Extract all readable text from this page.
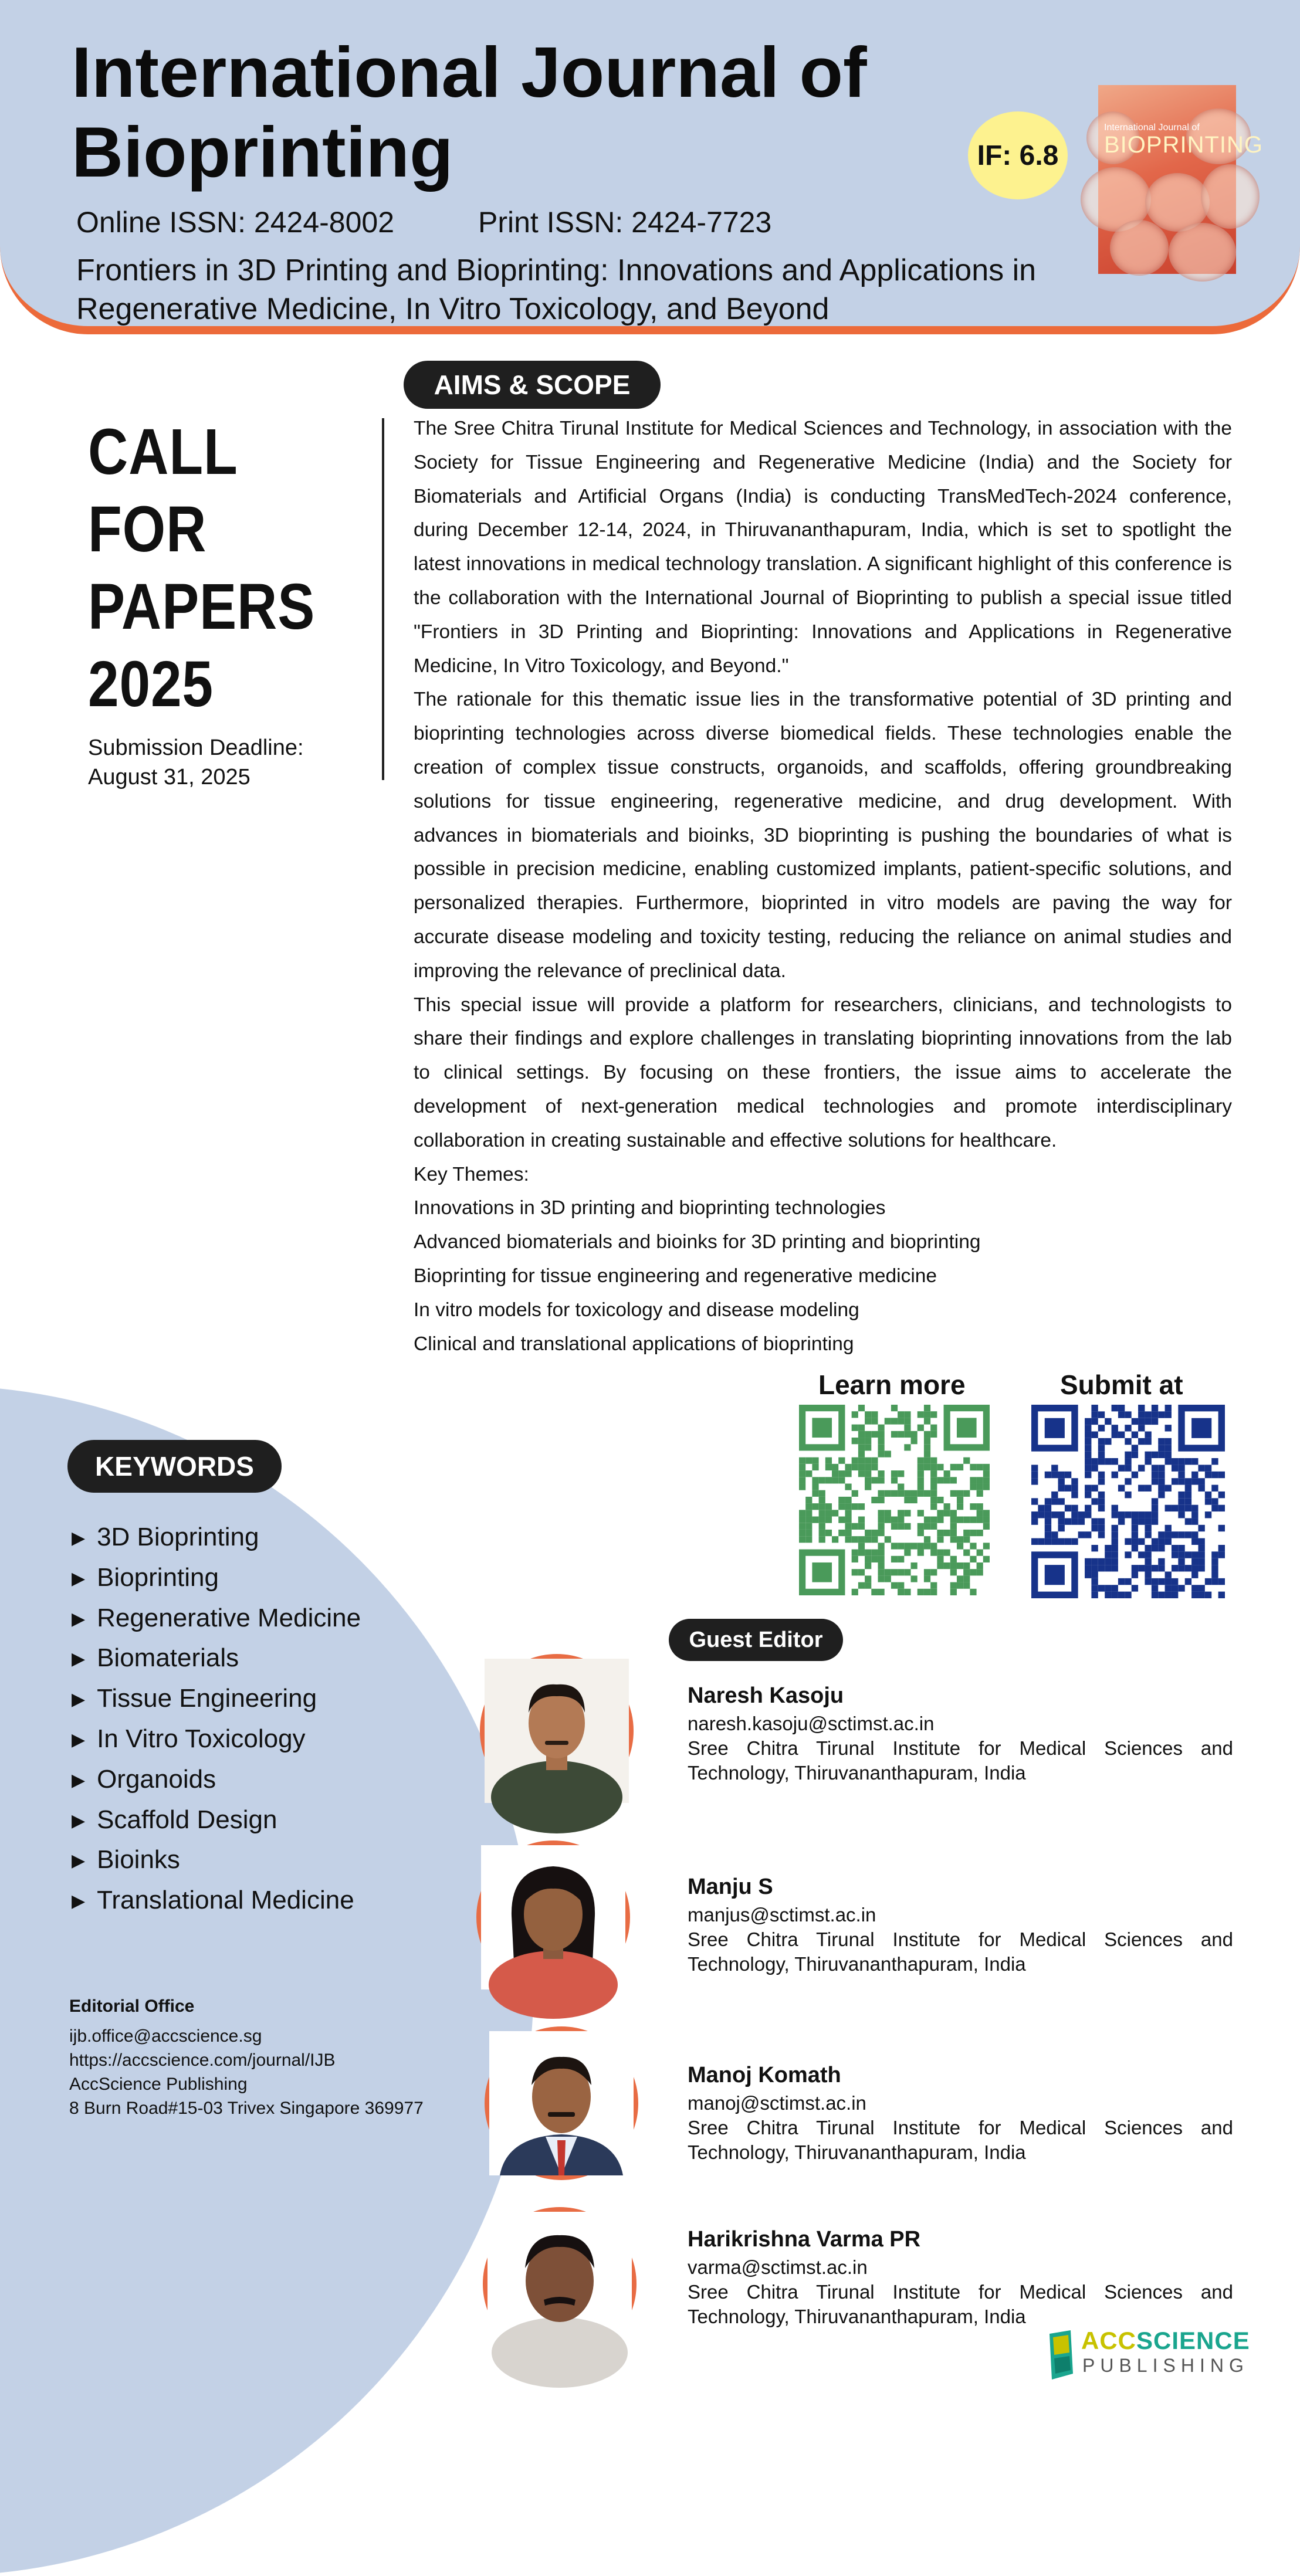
International Journal of Bioprinting
Online ISSN: 2424-8002	Print ISSN: 2424-7723
Frontiers in 3D Printing and Bioprinting: Innovations and Applications in Regenerative Medicine, In Vitro Toxicology, and Beyond
IF: 6.8
International Journal of
BIOPRINTING
CALL
FOR
PAPERS
2025
Submission Deadline:
August 31, 2025
AIMS & SCOPE

The Sree Chitra Tirunal Institute for Medical Sciences and Technology, in association with the Society for Tissue Engineering and Regenerative Medicine (India) and the Society for Biomaterials and Artificial Organs (India) is conducting TransMedTech-2024 conference, during December 12-14, 2024, in Thiruvananthapuram, India, which is set to spotlight the latest innovations in medical technology translation. A significant highlight of this conference is the collaboration with the International Journal of Bioprinting to publish a special issue titled "Frontiers in 3D Printing and Bioprinting: Innovations and Applications in Regenerative Medicine, In Vitro Toxicology, and Beyond."

The rationale for this thematic issue lies in the transformative potential of 3D printing and bioprinting technologies across diverse biomedical fields. These technologies enable the creation of complex tissue constructs, organoids, and scaffolds, offering groundbreaking solutions for tissue engineering, regenerative medicine, and drug development. With advances in biomaterials and bioinks, 3D bioprinting is pushing the boundaries of what is possible in precision medicine, enabling customized implants, patient-specific solutions, and personalized therapies. Furthermore, bioprinted in vitro models are paving the way for accurate disease modeling and toxicity testing, reducing the reliance on animal studies and improving the relevance of preclinical data.

This special issue will provide a platform for researchers, clinicians, and technologists to share their findings and explore challenges in translating bioprinting innovations from the lab to clinical settings. By focusing on these frontiers, the issue aims to accelerate the development of next-generation medical technologies and promote interdisciplinary collaboration in creating sustainable and effective solutions for healthcare.

Key Themes:

Innovations in 3D printing and bioprinting technologies

Advanced biomaterials and bioinks for 3D printing and bioprinting

Bioprinting for tissue engineering and regenerative medicine

In vitro models for toxicology and disease modeling

Clinical and translational applications of bioprinting

Learn more	Submit at
KEYWORDS
▶ 3D Bioprinting
▶ Bioprinting
▶ Regenerative Medicine
▶ Biomaterials
▶ Tissue Engineering
▶ In Vitro Toxicology
▶ Organoids
▶ Scaffold Design
▶ Bioinks
▶ Translational Medicine
Editorial Office
ijb.office@accscience.sg
https://accscience.com/journal/IJB
AccScience Publishing
8 Burn Road#15-03 Trivex Singapore 369977
Guest Editor
Naresh Kasoju
naresh.kasoju@sctimst.ac.in
Sree Chitra Tirunal Institute for Medical Sciences and Technology, Thiruvananthapuram, India
Manju S
manjus@sctimst.ac.in
Sree Chitra Tirunal Institute for Medical Sciences and Technology, Thiruvananthapuram, India
Manoj Komath
manoj@sctimst.ac.in
Sree Chitra Tirunal Institute for Medical Sciences and Technology, Thiruvananthapuram, India
Harikrishna Varma PR
varma@sctimst.ac.in
Sree Chitra Tirunal Institute for Medical Sciences and Technology, Thiruvananthapuram, India
ACCSCIENCE
PUBLISHING
